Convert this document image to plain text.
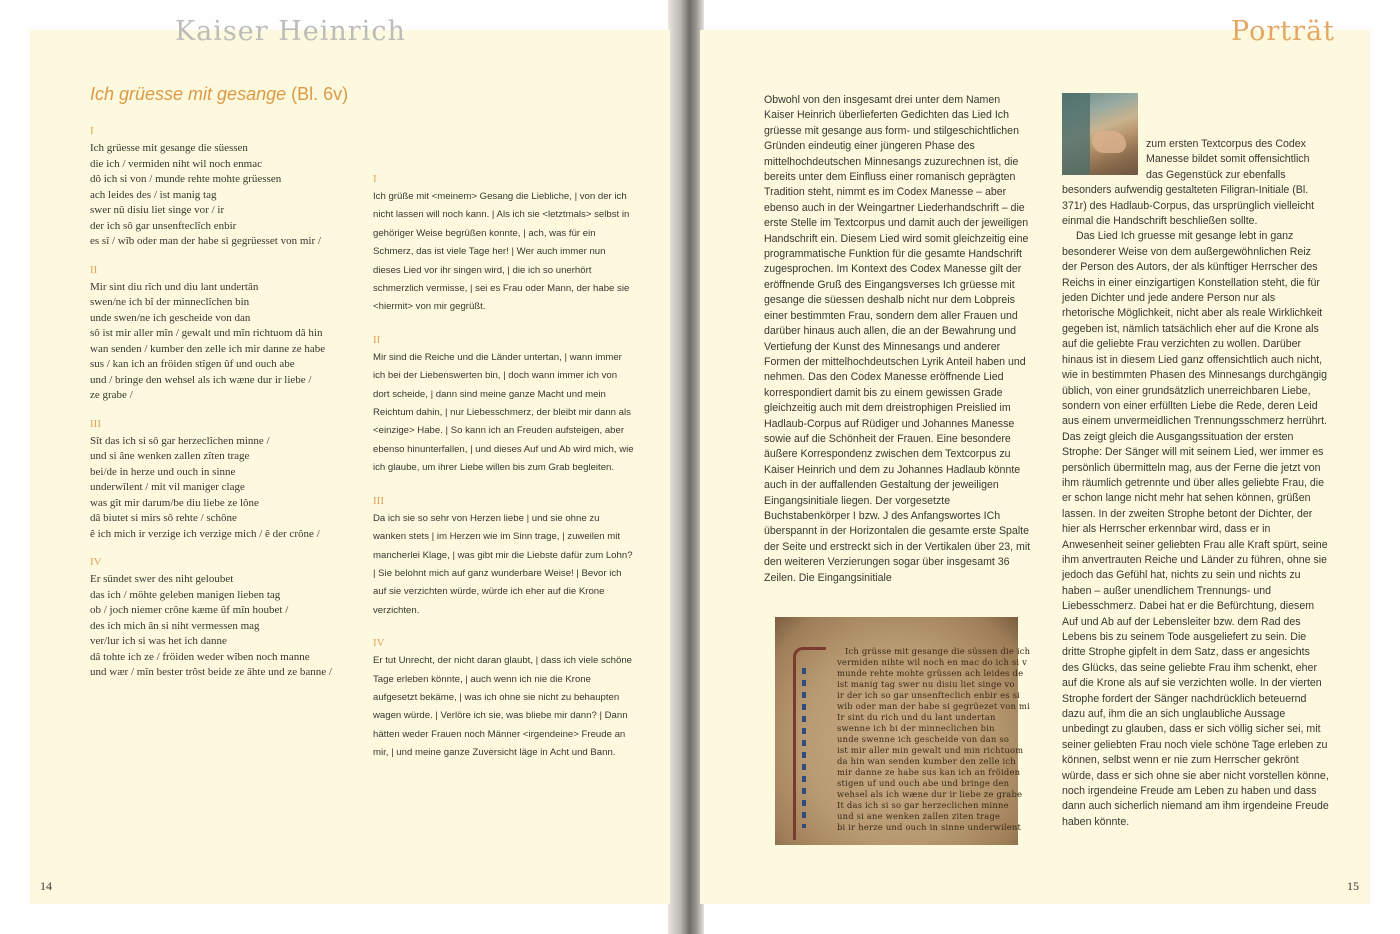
Kaiser Heinrich	Porträt
Ich grüesse mit gesange (Bl. 6v)
I
Ich grüesse mit gesange die süessen
die ich / vermiden niht wil noch enmac
dô ich si von / munde rehte mohte grüessen
ach leides des / ist manig tag
swer nû disiu liet singe vor / ir
der ich sô gar unsenfteclîch enbir
es sî / wîb oder man der habe si gegrüesset von mir /
II
Mir sint diu rîch und diu lant undertân
swen/ne ich bî der minneclîchen bin
unde swen/ne ich gescheide von dan
sô ist mir aller mîn / gewalt und mîn richtuom dâ hin
wan senden / kumber den zelle ich mir danne ze habe
sus / kan ich an fröiden stîgen ûf und ouch abe
und / bringe den wehsel als ich wæne dur ir liebe /
ze grabe /
III
Sît das ich si sô gar herzeclîchen minne /
und si âne wenken zallen zîten trage
bei/de in herze und ouch in sinne
underwîlent / mit vil maniger clage
was gît mir darum/be diu liebe ze lône
dâ biutet si mirs sô rehte / schône
ê ich mich ir verzige ich verzige mich / ê der crône /
IV
Er sündet swer des niht geloubet
das ich / möhte geleben manigen lieben tag
ob / joch niemer crône kæme ûf mîn houbet /
des ich mich ân si niht vermessen mag
ver/lur ich si was het ich danne
dâ tohte ich ze / fröiden weder wîben noch manne
und wær / mîn bester trôst beide ze âhte und ze banne /
I

Ich grüße mit <meinem> Gesang die Liebliche, | von der ich nicht lassen will noch kann. | Als ich sie <letztmals> selbst in gehöriger Weise begrüßen konnte, | ach, was für ein Schmerz, das ist viele Tage her! | Wer auch immer nun dieses Lied vor ihr singen wird, | die ich so unerhört schmerzlich vermisse, | sei es Frau oder Mann, der habe sie <hiermit> von mir gegrüßt.

II

Mir sind die Reiche und die Länder untertan, | wann immer ich bei der Liebenswerten bin, | doch wann immer ich von dort scheide, | dann sind meine ganze Macht und mein Reichtum dahin, | nur Liebesschmerz, der bleibt mir dann als <einzige> Habe. | So kann ich an Freuden aufsteigen, aber ebenso hinunterfallen, | und dieses Auf und Ab wird mich, wie ich glaube, um ihrer Liebe willen bis zum Grab begleiten.

III

Da ich sie so sehr von Herzen liebe | und sie ohne zu wanken stets | im Herzen wie im Sinn trage, | zuweilen mit mancherlei Klage, | was gibt mir die Liebste dafür zum Lohn? | Sie belohnt mich auf ganz wunderbare Weise! | Bevor ich auf sie verzichten würde, würde ich eher auf die Krone verzichten.

IV

Er tut Unrecht, der nicht daran glaubt, | dass ich viele schöne Tage erleben könnte, | auch wenn ich nie die Krone aufgesetzt bekäme, | was ich ohne sie nicht zu behaupten wagen würde. | Verlöre ich sie, was bliebe mir dann? | Dann hätten weder Frauen noch Männer <irgendeine> Freude an mir, | und meine ganze Zuversicht läge in Acht und Bann.

14	15

Obwohl von den insgesamt drei unter dem Namen Kaiser Heinrich überlieferten Gedichten das Lied Ich grüesse mit gesange aus form- und stilgeschichtlichen Gründen eindeutig einer jüngeren Phase des mittelhochdeutschen Minnesangs zuzurechnen ist, die bereits unter dem Einfluss einer romanisch geprägten Tradition steht, nimmt es im Codex Manesse – aber ebenso auch in der Weingartner Liederhandschrift – die erste Stelle im Textcorpus und damit auch der jeweiligen Handschrift ein. Diesem Lied wird somit gleichzeitig eine programmatische Funktion für die gesamte Handschrift zugesprochen. Im Kontext des Codex Manesse gilt der eröffnende Gruß des Eingangsverses Ich grüesse mit gesange die süessen deshalb nicht nur dem Lobpreis einer bestimmten Frau, sondern dem aller Frauen und darüber hinaus auch allen, die an der Bewahrung und Vertiefung der Kunst des Minnesangs und anderer Formen der mittelhochdeutschen Lyrik Anteil haben und nehmen. Das den Codex Manesse eröffnende Lied korrespondiert damit bis zu einem gewissen Grade gleichzeitig auch mit dem dreistrophigen Preislied im Hadlaub-Corpus auf Rüdiger und Johannes Manesse sowie auf die Schönheit der Frauen. Eine besondere äußere Korrespondenz zwischen dem Textcorpus zu Kaiser Heinrich und dem zu Johannes Hadlaub könnte auch in der auffallenden Gestaltung der jeweiligen Eingangsinitiale liegen. Der vorgesetzte Buchstabenkörper I bzw. J des Anfangswortes ICh überspannt in der Horizontalen die gesamte erste Spalte der Seite und erstreckt sich in der Vertikalen über 23, mit den weiteren Verzierungen sogar über insgesamt 36 Zeilen. Die Eingangsinitiale

zum ersten Textcorpus des Codex Manesse bildet somit offensichtlich das Gegenstück zur ebenfalls besonders aufwendig gestalteten Filigran-Initiale (Bl. 371r) des Hadlaub-Corpus, das ursprünglich vielleicht einmal die Handschrift beschließen sollte.

Das Lied Ich gruesse mit gesange lebt in ganz besonderer Weise von dem außergewöhnlichen Reiz der Person des Autors, der als künftiger Herrscher des Reichs in einer einzigartigen Konstellation steht, die für jeden Dichter und jede andere Person nur als rhetorische Möglichkeit, nicht aber als reale Wirklichkeit gegeben ist, nämlich tatsächlich eher auf die Krone als auf die geliebte Frau verzichten zu wollen. Darüber hinaus ist in diesem Lied ganz offensichtlich auch nicht, wie in bestimmten Phasen des Minnesangs durchgängig üblich, von einer grundsätzlich unerreichbaren Liebe, sondern von einer erfüllten Liebe die Rede, deren Leid aus einem unvermeidlichen Trennungsschmerz herrührt. Das zeigt gleich die Ausgangssituation der ersten Strophe: Der Sänger will mit seinem Lied, wer immer es persönlich übermitteln mag, aus der Ferne die jetzt von ihm räumlich getrennte und über alles geliebte Frau, die er schon lange nicht mehr hat sehen können, grüßen lassen. In der zweiten Strophe betont der Dichter, der hier als Herrscher erkennbar wird, dass er in Anwesenheit seiner geliebten Frau alle Kraft spürt, seine ihm anvertrauten Reiche und Länder zu führen, ohne sie jedoch das Gefühl hat, nichts zu sein und nichts zu haben – außer unendlichem Trennungs- und Liebesschmerz. Dabei hat er die Befürchtung, diesem Auf und Ab auf der Lebensleiter bzw. dem Rad des Lebens bis zu seinem Tode ausgeliefert zu sein. Die dritte Strophe gipfelt in dem Satz, dass er angesichts des Glücks, das seine geliebte Frau ihm schenkt, eher auf die Krone als auf sie verzichten wolle. In der vierten Strophe fordert der Sänger nachdrücklich beteuernd dazu auf, ihm die an sich unglaubliche Aussage unbedingt zu glauben, dass er sich völlig sicher sei, mit seiner geliebten Frau noch viele schöne Tage erleben zu können, selbst wenn er nie zum Herrscher gekrönt würde, dass er sich ohne sie aber nicht vorstellen könne, noch irgendeine Freude am Leben zu haben und dass dann auch sicherlich niemand am ihm irgendeine Freude haben könnte.

Ich grüsse mit gesange die süssen die ich
vermiden nihte wil noch en mac do ich si v
munde rehte mohte grüssen ach leides de
ist manig tag swer nu disiu liet singe vo
ir der ich so gar unsenfteclich enbir es si
wib oder man der habe si gegrüezet von mi
Ir sint du rich und du lant undertan
swenne ich bi der minneclichen bin
unde swenne ich gescheide von dan so
ist mir aller min gewalt und min richtuom
da hin wan senden kumber den zelle ich
mir danne ze habe sus kan ich an fröiden
stigen uf und ouch abe und bringe den
wehsel als ich wæne dur ir liebe ze grabe
It das ich si so gar herzeclichen minne
und si ane wenken zallen ziten trage
bi ir herze und ouch in sinne underwilent
